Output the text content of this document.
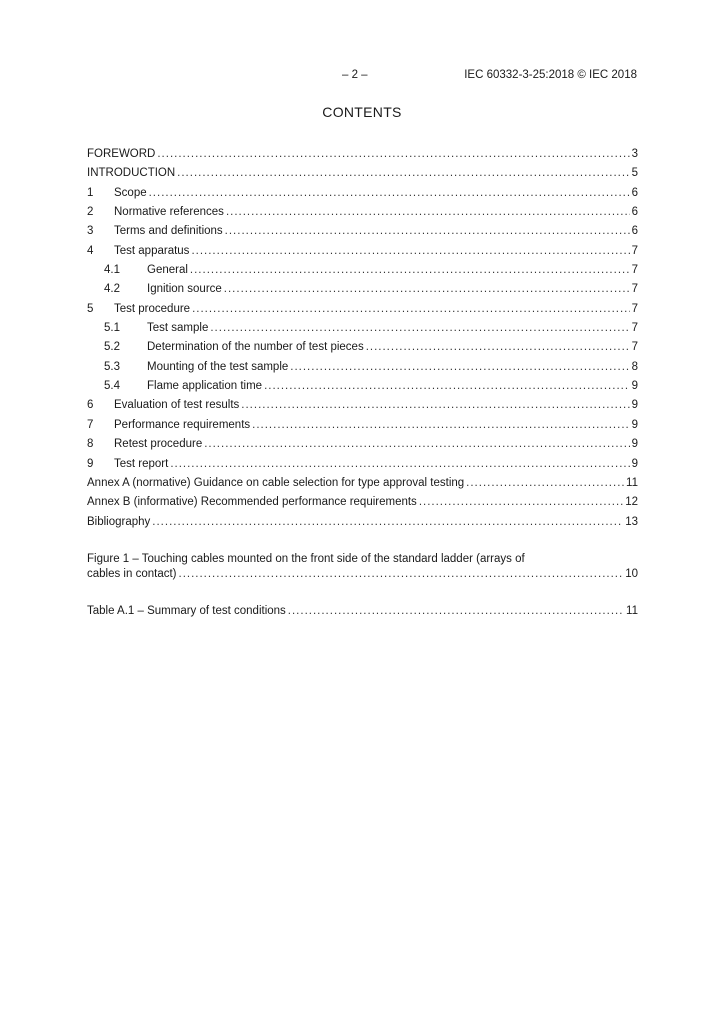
– 2 –	IEC 60332-3-25:2018 © IEC 2018
CONTENTS
FOREWORD .....	3
INTRODUCTION .....	5
1	Scope .....	6
2	Normative references .....	6
3	Terms and definitions .....	6
4	Test apparatus .....	7
4.1	General .....	7
4.2	Ignition source .....	7
5	Test procedure .....	7
5.1	Test sample .....	7
5.2	Determination of the number of test pieces .....	7
5.3	Mounting of the test sample .....	8
5.4	Flame application time .....	9
6	Evaluation of test results .....	9
7	Performance requirements .....	9
8	Retest procedure .....	9
9	Test report .....	9
Annex A (normative) Guidance on cable selection for type approval testing .....	11
Annex B (informative) Recommended performance requirements .....	12
Bibliography .....	13
Figure 1 – Touching cables mounted on the front side of the standard ladder (arrays of
cables in contact) .....	10
Table A.1 – Summary of test conditions .....	11
